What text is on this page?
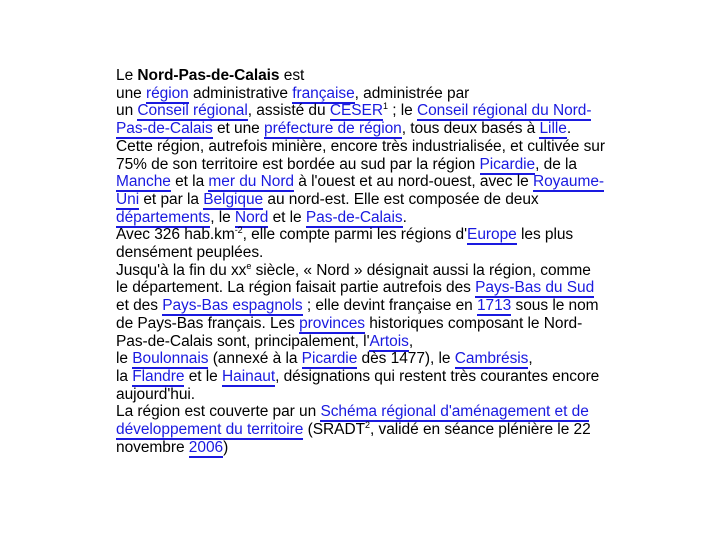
Le Nord-Pas-de-Calais est
une région administrative française, administrée par
un Conseil régional, assisté du CESER$^1$ ; le Conseil régional du Nord-Pas-de-Calais et une préfecture de région, tous deux basés à Lille. Cette région, autrefois minière, encore très industrialisée, et cultivée sur 75% de son territoire est bordée au sud par la région Picardie, de la Manche et la mer du Nord à l'ouest et au nord-ouest, avec le Royaume-Uni et par la Belgique au nord-est. Elle est composée de deux départements, le Nord et le Pas-de-Calais.
Avec 326 $hab.km^{-2}$, elle compte parmi les régions d'Europe les plus densément peuplées.

Jusqu'à la fin du $xx^e$ siècle, « Nord » désignait aussi la région, comme le département. La région faisait partie autrefois des Pays-Bas du Sud et des Pays-Bas espagnols ; elle devint française en 1713 sous le nom de Pays-Bas français. Les provinces historiques composant le Nord-Pas-de-Calais sont, principalement, l'Artois,
le Boulonnais (annexé à la Picardie dès 1477), le Cambrésis,
la Flandre et le Hainaut, désignations qui restent très courantes encore aujourd'hui.

La région est couverte par un Schéma régional d'aménagement et de développement du territoire (SRADT$^2$, validé en séance plénière le 22 novembre 2006)
